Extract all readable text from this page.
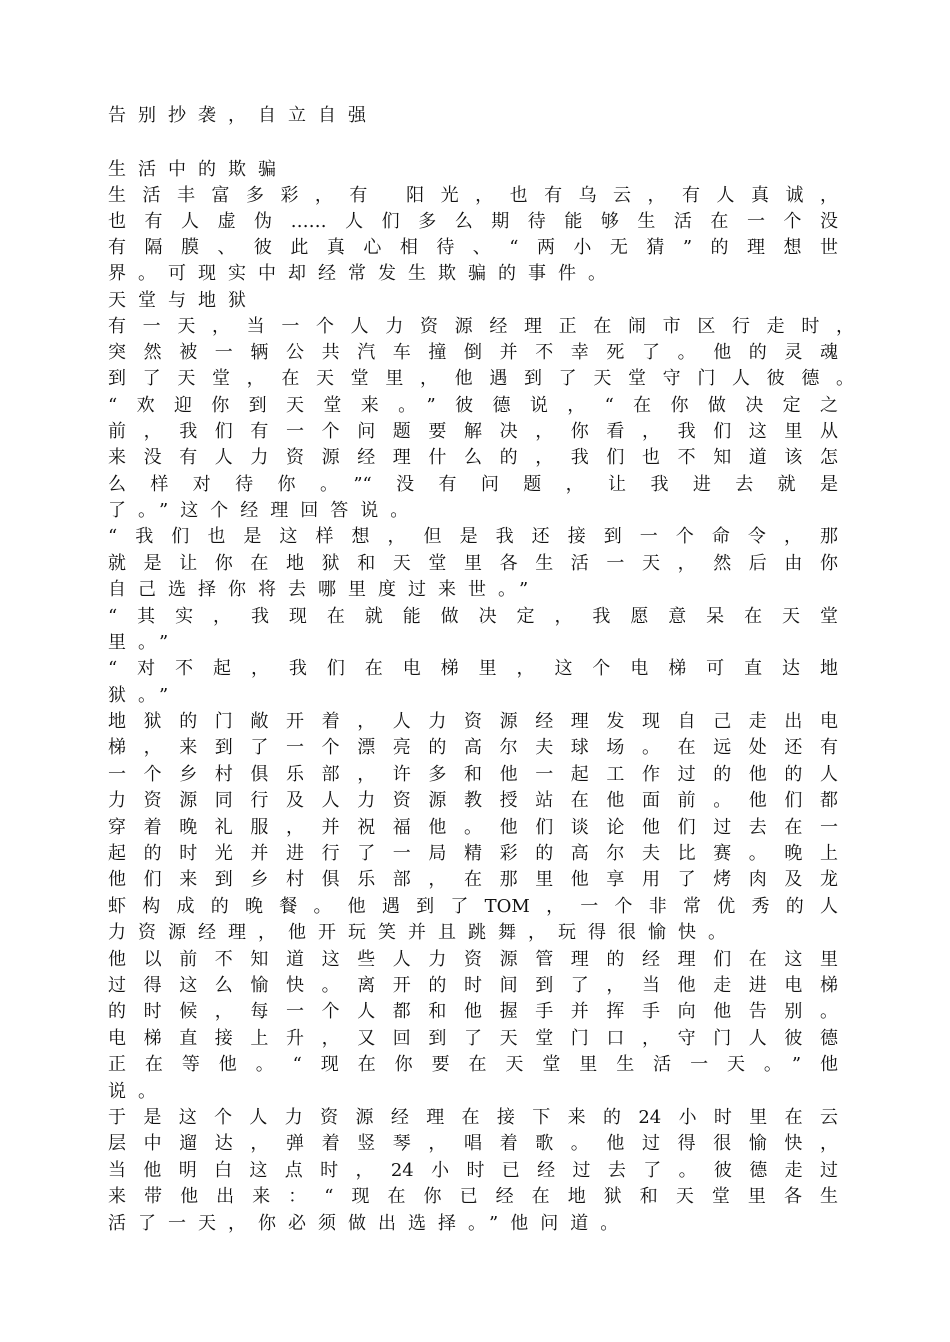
告别抄袭，自立自强
生活中的欺骗
生活丰富多彩，有 阳光，也有乌云，有人真诚，
也有人虚伪……人们多么期待能够生活在一个没
有隔膜、彼此真心相待、“两小无猜”的理想世
界。可现实中却经常发生欺骗的事件。
天堂与地狱
有一天，当一个人力资源经理正在闹市区行走时，
突然被一辆公共汽车撞倒并不幸死了。他的灵魂
到了天堂，在天堂里，他遇到了天堂守门人彼德。
“欢迎你到天堂来。”彼德说，“在你做决定之
前，我们有一个问题要解决，你看，我们这里从
来没有人力资源经理什么的，我们也不知道该怎
么样对待你。”“没有问题，让我进去就是
了。”这个经理回答说。
“我们也是这样想，但是我还接到一个命令，那
就是让你在地狱和天堂里各生活一天，然后由你
自己选择你将去哪里度过来世。”
“其实，我现在就能做决定，我愿意呆在天堂
里。”
“对不起，我们在电梯里，这个电梯可直达地
狱。”
地狱的门敞开着，人力资源经理发现自己走出电
梯，来到了一个漂亮的高尔夫球场。在远处还有
一个乡村俱乐部，许多和他一起工作过的他的人
力资源同行及人力资源教授站在他面前。他们都
穿着晚礼服，并祝福他。他们谈论他们过去在一
起的时光并进行了一局精彩的高尔夫比赛。晚上
他们来到乡村俱乐部，在那里他享用了烤肉及龙
虾构成的晚餐。他遇到了TOM，一个非常优秀的人
力资源经理，他开玩笑并且跳舞，玩得很愉快。
他以前不知道这些人力资源管理的经理们在这里
过得这么愉快。离开的时间到了，当他走进电梯
的时候，每一个人都和他握手并挥手向他告别。
电梯直接上升，又回到了天堂门口，守门人彼德
正在等他。“现在你要在天堂里生活一天。”他
说。
于是这个人力资源经理在接下来的24小时里在云
层中遛达，弹着竖琴，唱着歌。他过得很愉快，
当他明白这点时，24小时已经过去了。彼德走过
来带他出来：“现在你已经在地狱和天堂里各生
活了一天，你必须做出选择。”他问道。
